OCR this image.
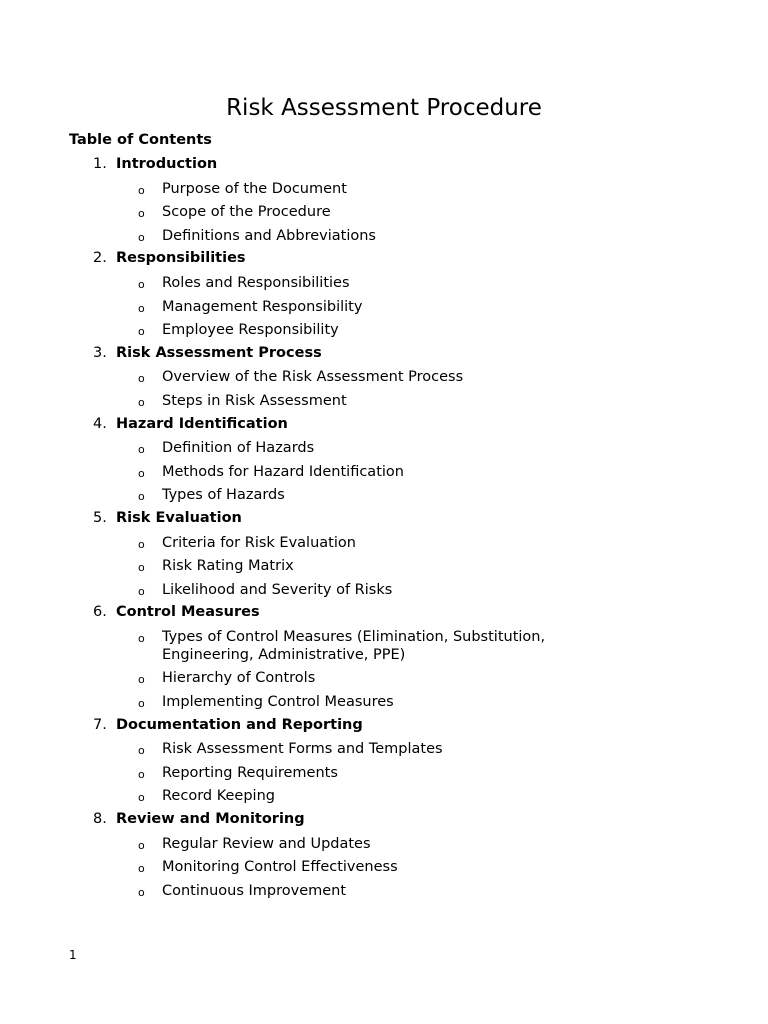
Risk Assessment Procedure
Table of Contents
1. Introduction
o Purpose of the Document
o Scope of the Procedure
o Definitions and Abbreviations
2. Responsibilities
o Roles and Responsibilities
o Management Responsibility
o Employee Responsibility
3. Risk Assessment Process
o Overview of the Risk Assessment Process
o Steps in Risk Assessment
4. Hazard Identification
o Definition of Hazards
o Methods for Hazard Identification
o Types of Hazards
5. Risk Evaluation
o Criteria for Risk Evaluation
o Risk Rating Matrix
o Likelihood and Severity of Risks
6. Control Measures
o Types of Control Measures (Elimination, Substitution, Engineering, Administrative, PPE)
o Hierarchy of Controls
o Implementing Control Measures
7. Documentation and Reporting
o Risk Assessment Forms and Templates
o Reporting Requirements
o Record Keeping
8. Review and Monitoring
o Regular Review and Updates
o Monitoring Control Effectiveness
o Continuous Improvement
1
